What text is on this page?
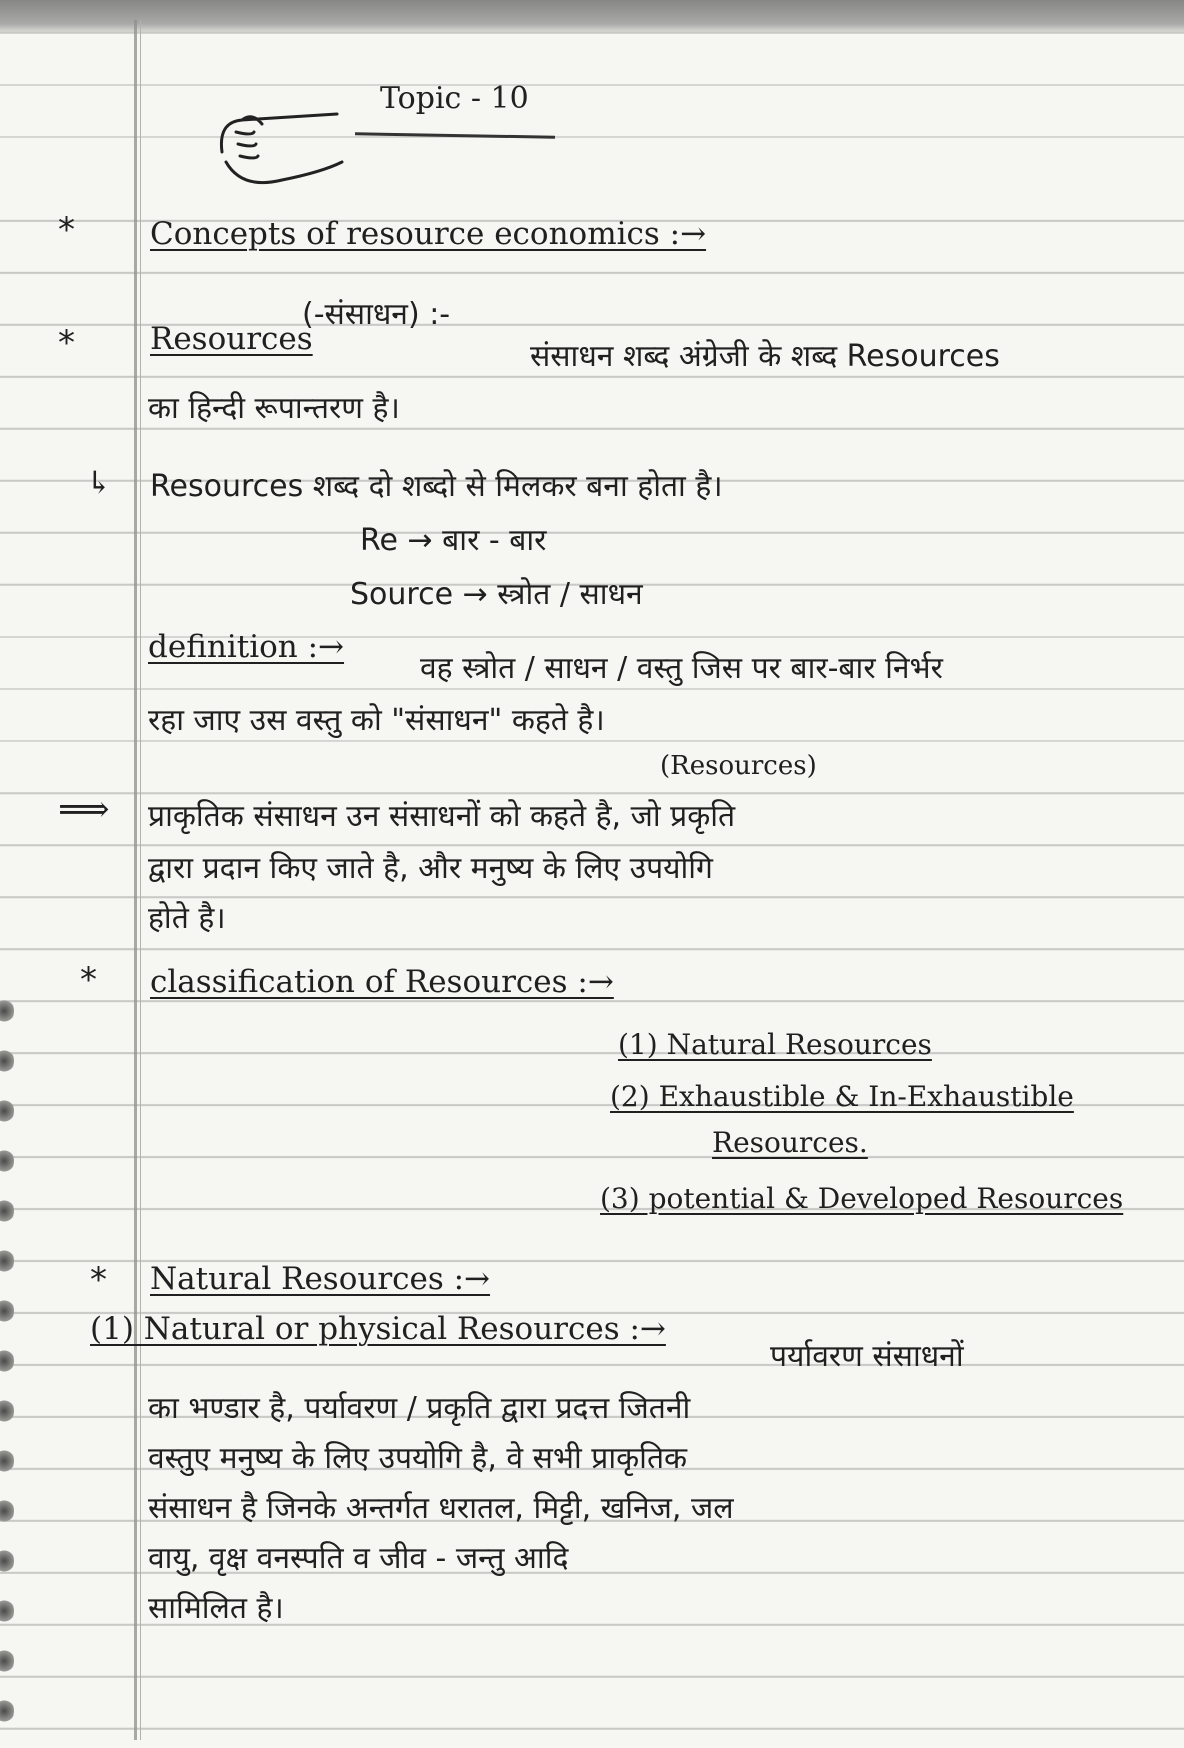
Topic - 10
* Concepts of resource economics :→
* Resources
(-संसाधन) :-
संसाधन शब्द अंग्रेजी के शब्द Resources
का हिन्दी रूपान्तरण है।
↳ Resources शब्द दो शब्दो से मिलकर बना होता है।
Re → बार - बार
Source → स्त्रोत / साधन
definition :→
वह स्त्रोत / साधन / वस्तु जिस पर बार-बार निर्भर
रहा जाए उस वस्तु को "संसाधन" कहते है।
(Resources)
⟹ प्राकृतिक संसाधन उन संसाधनों को कहते है, जो प्रकृति
द्वारा प्रदान किए जाते है, और मनुष्य के लिए उपयोगि
होते है।
* classification of Resources :→
(1) Natural Resources
(2) Exhaustible & In-Exhaustible
Resources.
(3) potential & Developed Resources
* Natural Resources :→
(1) Natural or physical Resources :→
पर्यावरण संसाधनों
का भण्डार है, पर्यावरण / प्रकृति द्वारा प्रदत्त जितनी
वस्तुए मनुष्य के लिए उपयोगि है, वे सभी प्राकृतिक
संसाधन है जिनके अन्तर्गत धरातल, मिट्टी, खनिज, जल
वायु, वृक्ष वनस्पति व जीव - जन्तु आदि
सामिलित है।
